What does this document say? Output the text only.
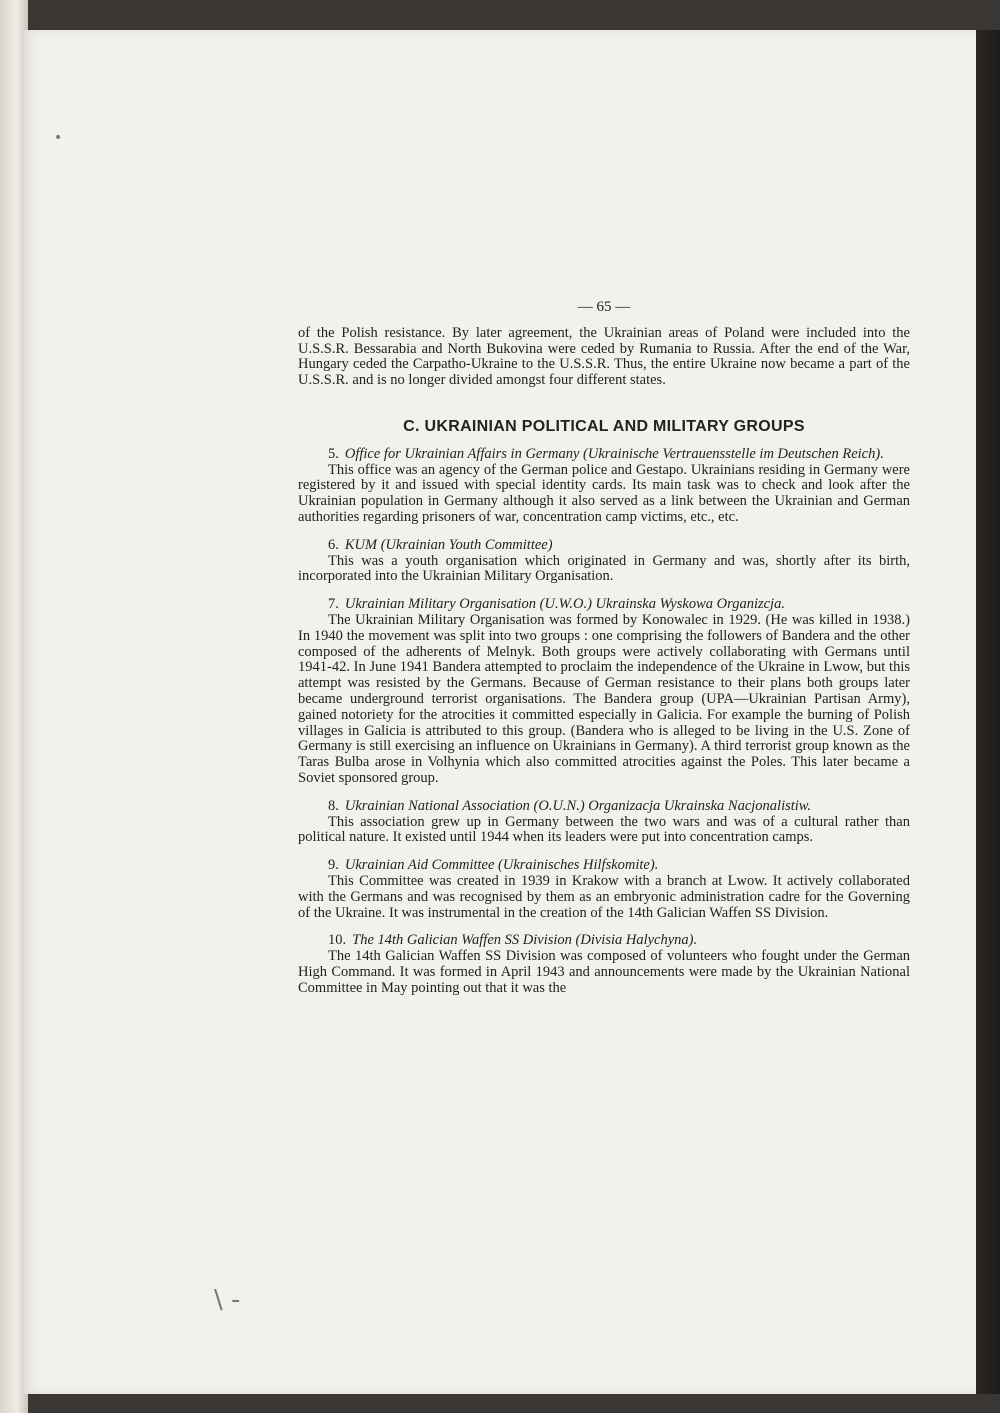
•
\ -
— 65 —

of the Polish resistance. By later agreement, the Ukrainian areas of Poland were included into the U.S.S.R. Bessarabia and North Bukovina were ceded by Rumania to Russia. After the end of the War, Hungary ceded the Carpatho-Ukraine to the U.S.S.R. Thus, the entire Ukraine now became a part of the U.S.S.R. and is no longer divided amongst four different states.

C. UKRAINIAN POLITICAL AND MILITARY GROUPS

5. Office for Ukrainian Affairs in Germany (Ukrainische Vertrauensstelle im Deutschen Reich).

This office was an agency of the German police and Gestapo. Ukrainians residing in Germany were registered by it and issued with special identity cards. Its main task was to check and look after the Ukrainian population in Germany although it also served as a link between the Ukrainian and German authorities regarding prisoners of war, concentration camp victims, etc., etc.

6. KUM (Ukrainian Youth Committee)

This was a youth organisation which originated in Germany and was, shortly after its birth, incorporated into the Ukrainian Military Organisation.

7. Ukrainian Military Organisation (U.W.O.) Ukrainska Wyskowa Organizcja.

The Ukrainian Military Organisation was formed by Konowalec in 1929. (He was killed in 1938.) In 1940 the movement was split into two groups : one comprising the followers of Bandera and the other composed of the adherents of Melnyk. Both groups were actively collaborating with Germans until 1941-42. In June 1941 Bandera attempted to proclaim the independence of the Ukraine in Lwow, but this attempt was resisted by the Germans. Because of German resistance to their plans both groups later became underground terrorist organisations. The Bandera group (UPA—Ukrainian Partisan Army), gained notoriety for the atrocities it committed especially in Galicia. For example the burning of Polish villages in Galicia is attributed to this group. (Bandera who is alleged to be living in the U.S. Zone of Germany is still exercising an influence on Ukrainians in Germany). A third terrorist group known as the Taras Bulba arose in Volhynia which also committed atrocities against the Poles. This later became a Soviet sponsored group.

8. Ukrainian National Association (O.U.N.) Organizacja Ukrainska Nacjonalistiw.

This association grew up in Germany between the two wars and was of a cultural rather than political nature. It existed until 1944 when its leaders were put into concentration camps.

9. Ukrainian Aid Committee (Ukrainisches Hilfskomite).

This Committee was created in 1939 in Krakow with a branch at Lwow. It actively collaborated with the Germans and was recognised by them as an embryonic administration cadre for the Governing of the Ukraine. It was instrumental in the creation of the 14th Galician Waffen SS Division.

10. The 14th Galician Waffen SS Division (Divisia Halychyna).

The 14th Galician Waffen SS Division was composed of volunteers who fought under the German High Command. It was formed in April 1943 and announcements were made by the Ukrainian National Committee in May pointing out that it was the
